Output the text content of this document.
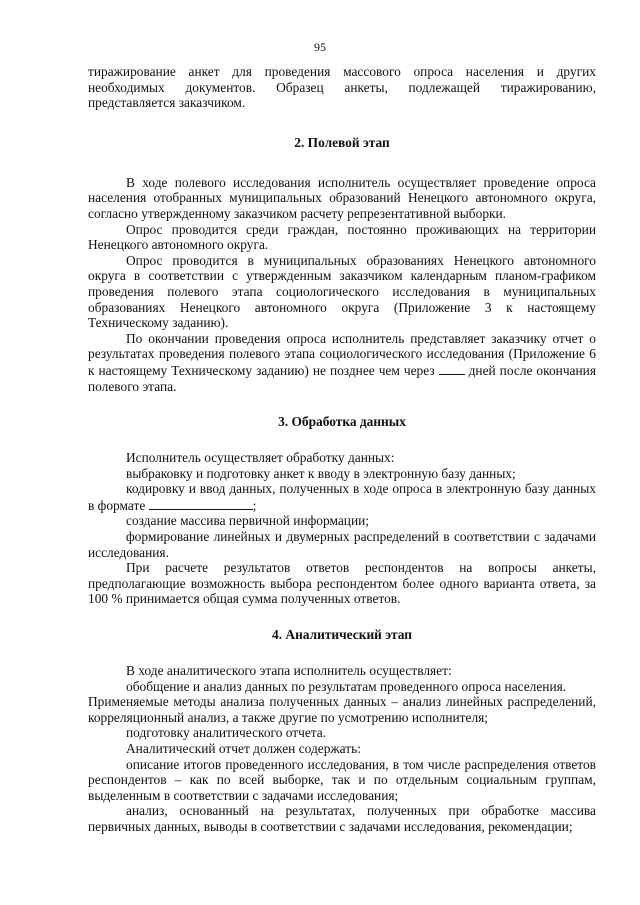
95

тиражирование анкет для проведения массового опроса населения и других необходимых документов. Образец анкеты, подлежащей тиражированию, представляется заказчиком.

2. Полевой этап

В ходе полевого исследования исполнитель осуществляет проведение опроса населения отобранных муниципальных образований Ненецкого автономного округа, согласно утвержденному заказчиком расчету репрезентативной выборки.

Опрос проводится среди граждан, постоянно проживающих на территории Ненецкого автономного округа.

Опрос проводится в муниципальных образованиях Ненецкого автономного округа в соответствии с утвержденным заказчиком календарным планом-графиком проведения полевого этапа социологического исследования в муниципальных образованиях Ненецкого автономного округа (Приложение 3 к настоящему Техническому заданию).

По окончании проведения опроса исполнитель представляет заказчику отчет о результатах проведения полевого этапа социологического исследования (Приложение 6 к настоящему Техническому заданию) не позднее чем через	дней после окончания полевого этапа.

3. Обработка данных

Исполнитель осуществляет обработку данных:

выбраковку и подготовку анкет к вводу в электронную базу данных;

кодировку и ввод данных, полученных в ходе опроса в электронную базу данных в формате	;

создание массива первичной информации;

формирование линейных и двумерных распределений в соответствии с задачами исследования.

При расчете результатов ответов респондентов на вопросы анкеты, предполагающие возможность выбора респондентом более одного варианта ответа, за 100 % принимается общая сумма полученных ответов.

4. Аналитический этап

В ходе аналитического этапа исполнитель осуществляет:

обобщение и анализ данных по результатам проведенного опроса населения.

Применяемые методы анализа полученных данных – анализ линейных распределений, корреляционный анализ, а также другие по усмотрению исполнителя;

подготовку аналитического отчета.

Аналитический отчет должен содержать:

описание итогов проведенного исследования, в том числе распределения ответов респондентов – как по всей выборке, так и по отдельным социальным группам, выделенным в соответствии с задачами исследования;

анализ, основанный на результатах, полученных при обработке массива первичных данных, выводы в соответствии с задачами исследования, рекомендации;
